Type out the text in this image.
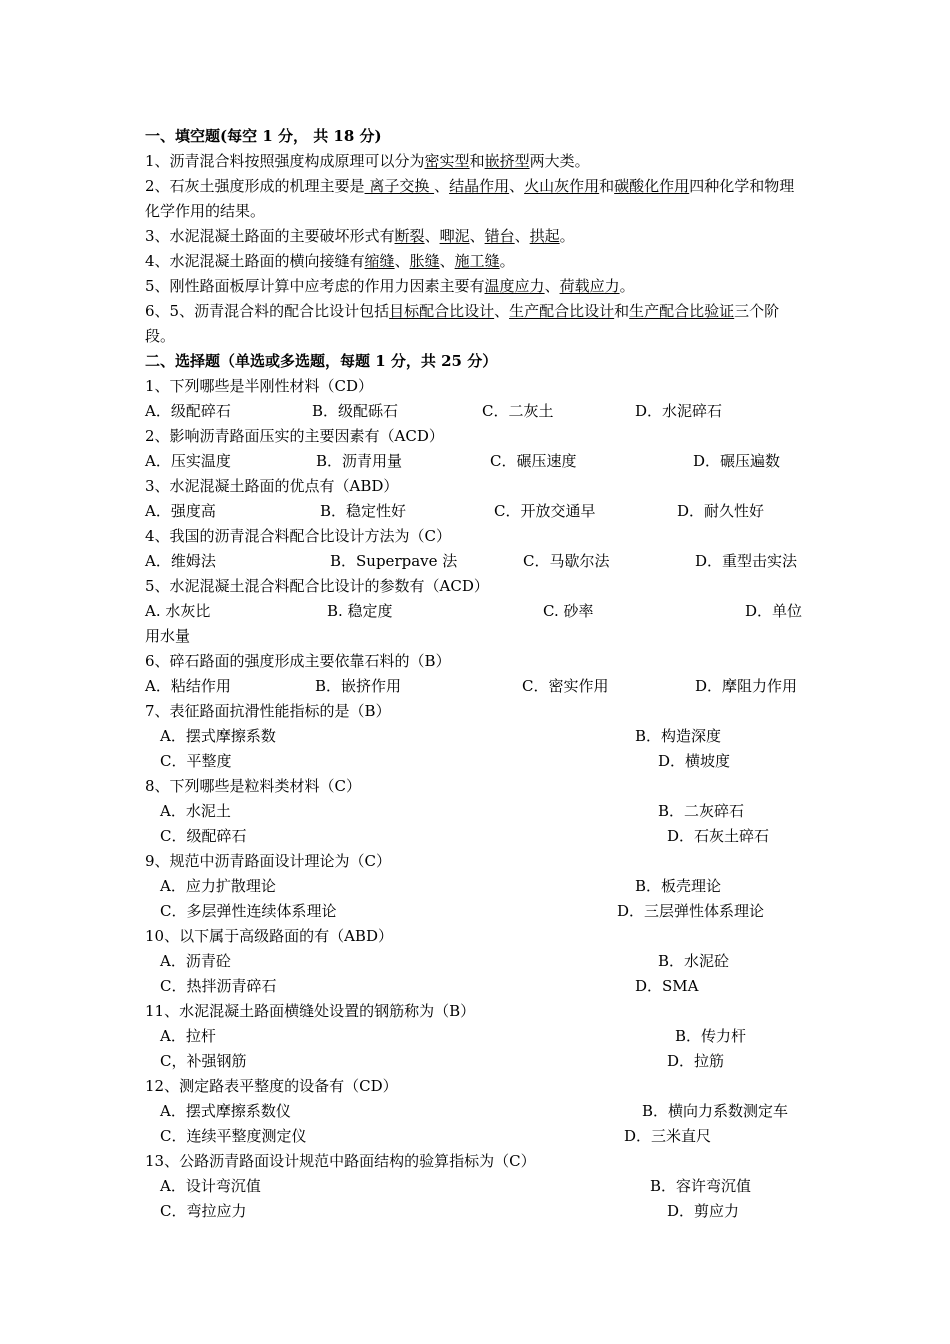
一、填空题(每空 1 分， 共 18 分)
1、沥青混合料按照强度构成原理可以分为密实型和嵌挤型两大类。
2、石灰土强度形成的机理主要是 离子交换 、结晶作用、火山灰作用和碳酸化作用四种化学和物理化学作用的结果。
3、水泥混凝土路面的主要破坏形式有断裂、唧泥、错台、拱起。
4、水泥混凝土路面的横向接缝有缩缝、胀缝、施工缝。
5、刚性路面板厚计算中应考虑的作用力因素主要有温度应力、荷载应力。
6、5、沥青混合料的配合比设计包括目标配合比设计、生产配合比设计和生产配合比验证三个阶段。
二、选择题（单选或多选题，每题 1 分，共 25 分）
1、下列哪些是半刚性材料（CD）
A．级配碎石	B．级配砾石	C．二灰土	D．水泥碎石
2、影响沥青路面压实的主要因素有（ACD）
A．压实温度	B．沥青用量	C．碾压速度	D．碾压遍数
3、水泥混凝土路面的优点有（ABD）
A．强度高	B．稳定性好	C．开放交通早	D．耐久性好
4、我国的沥青混合料配合比设计方法为（C）
A．维姆法	B．Superpave 法	C．马歇尔法	D．重型击实法
5、水泥混凝土混合料配合比设计的参数有（ACD）
A. 水灰比	B. 稳定度	C. 砂率	D．单位
用水量
6、碎石路面的强度形成主要依靠石料的（B）
A．粘结作用	B．嵌挤作用	C．密实作用	D．摩阻力作用
7、表征路面抗滑性能指标的是（B）
A．摆式摩擦系数	B．构造深度
C．平整度	D．横坡度
8、下列哪些是粒料类材料（C）
A．水泥土	B．二灰碎石
C．级配碎石	D．石灰土碎石
9、规范中沥青路面设计理论为（C）
A．应力扩散理论	B．板壳理论
C．多层弹性连续体系理论	D．三层弹性体系理论
10、以下属于高级路面的有（ABD）
A．沥青砼	B．水泥砼
C．热拌沥青碎石	D．SMA
11、水泥混凝土路面横缝处设置的钢筋称为（B）
A．拉杆	B．传力杆
C，补强钢筋	D．拉筋
12、测定路表平整度的设备有（CD）
A．摆式摩擦系数仪	B．横向力系数测定车
C．连续平整度测定仪	D．三米直尺
13、公路沥青路面设计规范中路面结构的验算指标为（C）
A．设计弯沉值	B．容许弯沉值
C．弯拉应力	D．剪应力
